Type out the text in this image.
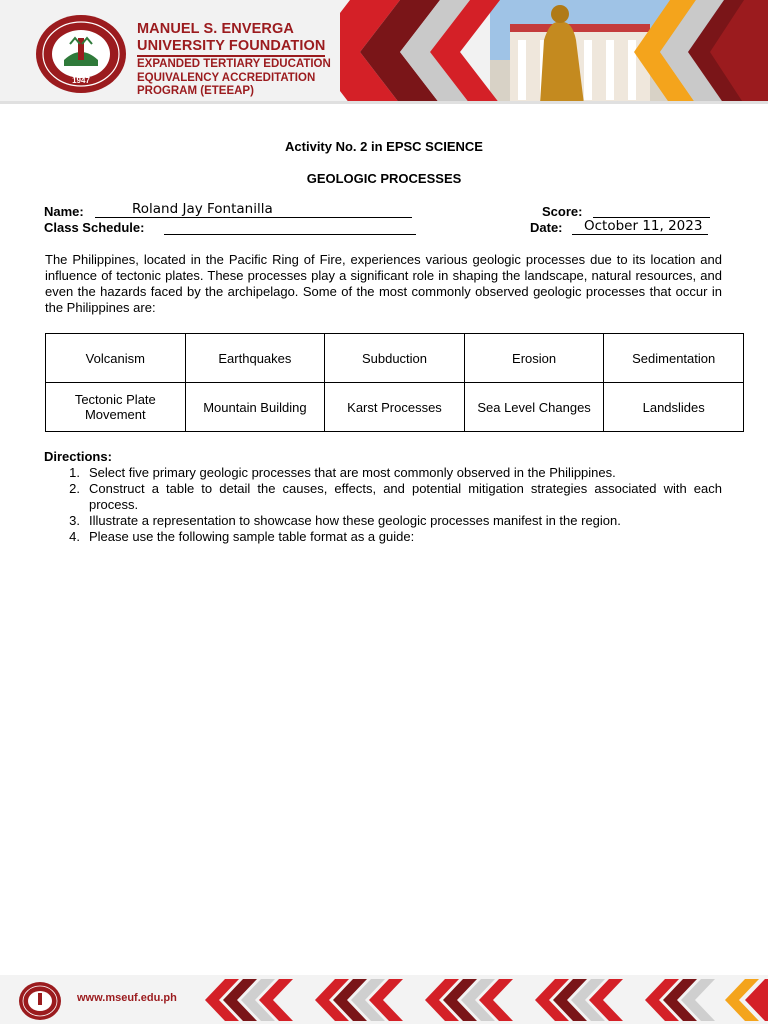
1947
MANUEL S. ENVERGA
UNIVERSITY FOUNDATION
EXPANDED TERTIARY EDUCATION
EQUIVALENCY ACCREDITATION
PROGRAM (ETEEAP)
Activity No. 2 in EPSC SCIENCE
GEOLOGIC PROCESSES
Name:	Roland Jay Fontanilla	Score:
Class Schedule:	Date: October 11, 2023
The Philippines, located in the Pacific Ring of Fire, experiences various geologic processes due to its location and influence of tectonic plates. These processes play a significant role in shaping the landscape, natural resources, and even the hazards faced by the archipelago. Some of the most commonly observed geologic processes that occur in the Philippines are:
Volcanism	Earthquakes	Subduction	Erosion	Sedimentation
Tectonic Plate Movement	Mountain Building	Karst Processes	Sea Level Changes	Landslides
Directions:
1. Select five primary geologic processes that are most commonly observed in the Philippines.
2. Construct a table to detail the causes, effects, and potential mitigation strategies associated with each process.
3. Illustrate a representation to showcase how these geologic processes manifest in the region.
4. Please use the following sample table format as a guide:
www.mseuf.edu.ph
